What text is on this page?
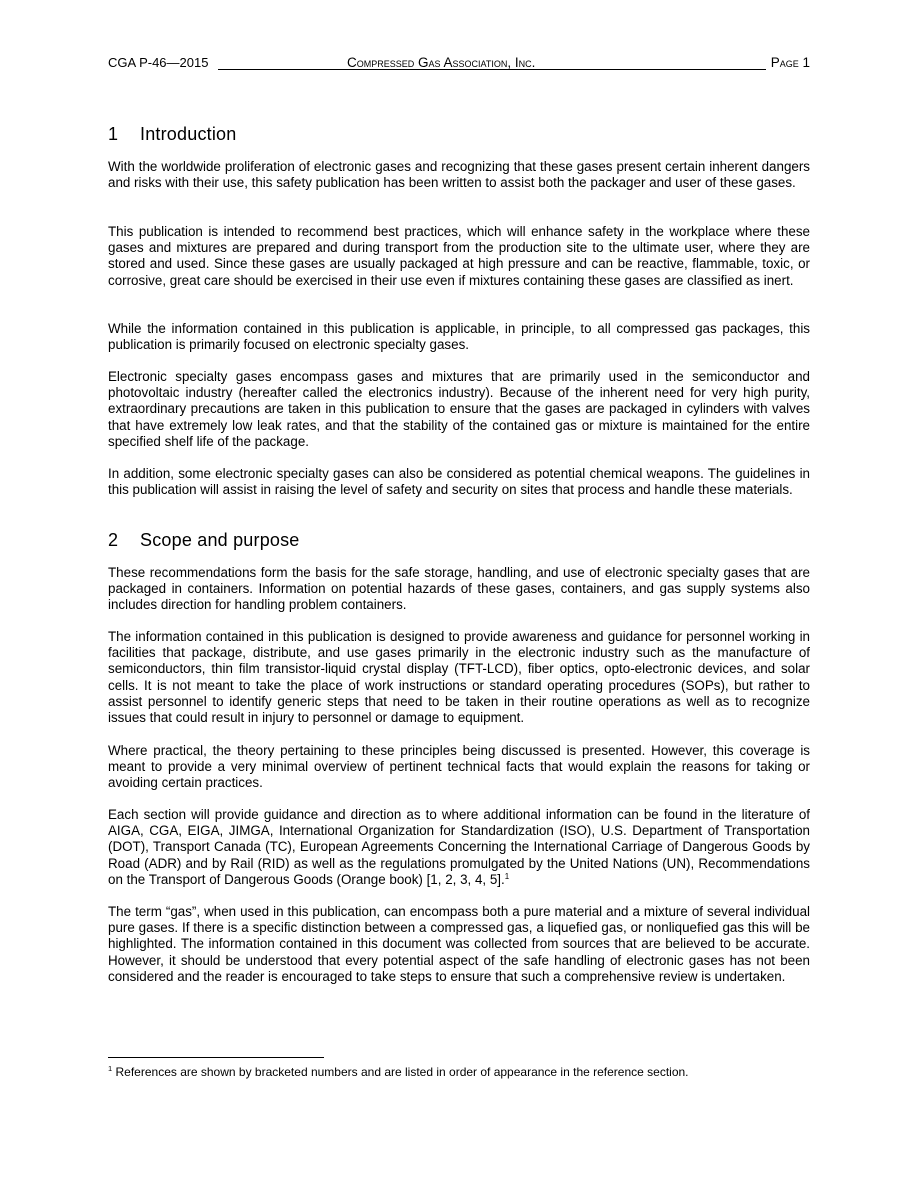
CGA P-46—2015	Compressed Gas Association, Inc.	Page 1
1 Introduction

With the worldwide proliferation of electronic gases and recognizing that these gases present certain inherent dangers and risks with their use, this safety publication has been written to assist both the packager and user of these gases.

This publication is intended to recommend best practices, which will enhance safety in the workplace where these gases and mixtures are prepared and during transport from the production site to the ultimate user, where they are stored and used. Since these gases are usually packaged at high pressure and can be reactive, flammable, toxic, or corrosive, great care should be exercised in their use even if mixtures containing these gases are classified as inert.

While the information contained in this publication is applicable, in principle, to all compressed gas packages, this publication is primarily focused on electronic specialty gases.

Electronic specialty gases encompass gases and mixtures that are primarily used in the semiconductor and photovoltaic industry (hereafter called the electronics industry). Because of the inherent need for very high purity, extraordinary precautions are taken in this publication to ensure that the gases are packaged in cylinders with valves that have extremely low leak rates, and that the stability of the contained gas or mixture is maintained for the entire specified shelf life of the package.

In addition, some electronic specialty gases can also be considered as potential chemical weapons. The guidelines in this publication will assist in raising the level of safety and security on sites that process and handle these materials.

2 Scope and purpose

These recommendations form the basis for the safe storage, handling, and use of electronic specialty gases that are packaged in containers. Information on potential hazards of these gases, containers, and gas supply systems also includes direction for handling problem containers.

The information contained in this publication is designed to provide awareness and guidance for personnel working in facilities that package, distribute, and use gases primarily in the electronic industry such as the manufacture of semiconductors, thin film transistor-liquid crystal display (TFT-LCD), fiber optics, opto-electronic devices, and solar cells. It is not meant to take the place of work instructions or standard operating procedures (SOPs), but rather to assist personnel to identify generic steps that need to be taken in their routine operations as well as to recognize issues that could result in injury to personnel or damage to equipment.

Where practical, the theory pertaining to these principles being discussed is presented. However, this coverage is meant to provide a very minimal overview of pertinent technical facts that would explain the reasons for taking or avoiding certain practices.

Each section will provide guidance and direction as to where additional information can be found in the literature of AIGA, CGA, EIGA, JIMGA, International Organization for Standardization (ISO), U.S. Department of Transportation (DOT), Transport Canada (TC), European Agreements Concerning the International Carriage of Dangerous Goods by Road (ADR) and by Rail (RID) as well as the regulations promulgated by the United Nations (UN), Recommendations on the Transport of Dangerous Goods (Orange book) [1, 2, 3, 4, 5].$^1$

The term “gas”, when used in this publication, can encompass both a pure material and a mixture of several individual pure gases. If there is a specific distinction between a compressed gas, a liquefied gas, or nonliquefied gas this will be highlighted. The information contained in this document was collected from sources that are believed to be accurate. However, it should be understood that every potential aspect of the safe handling of electronic gases has not been considered and the reader is encouraged to take steps to ensure that such a comprehensive review is undertaken.

$^1$ References are shown by bracketed numbers and are listed in order of appearance in the reference section.
